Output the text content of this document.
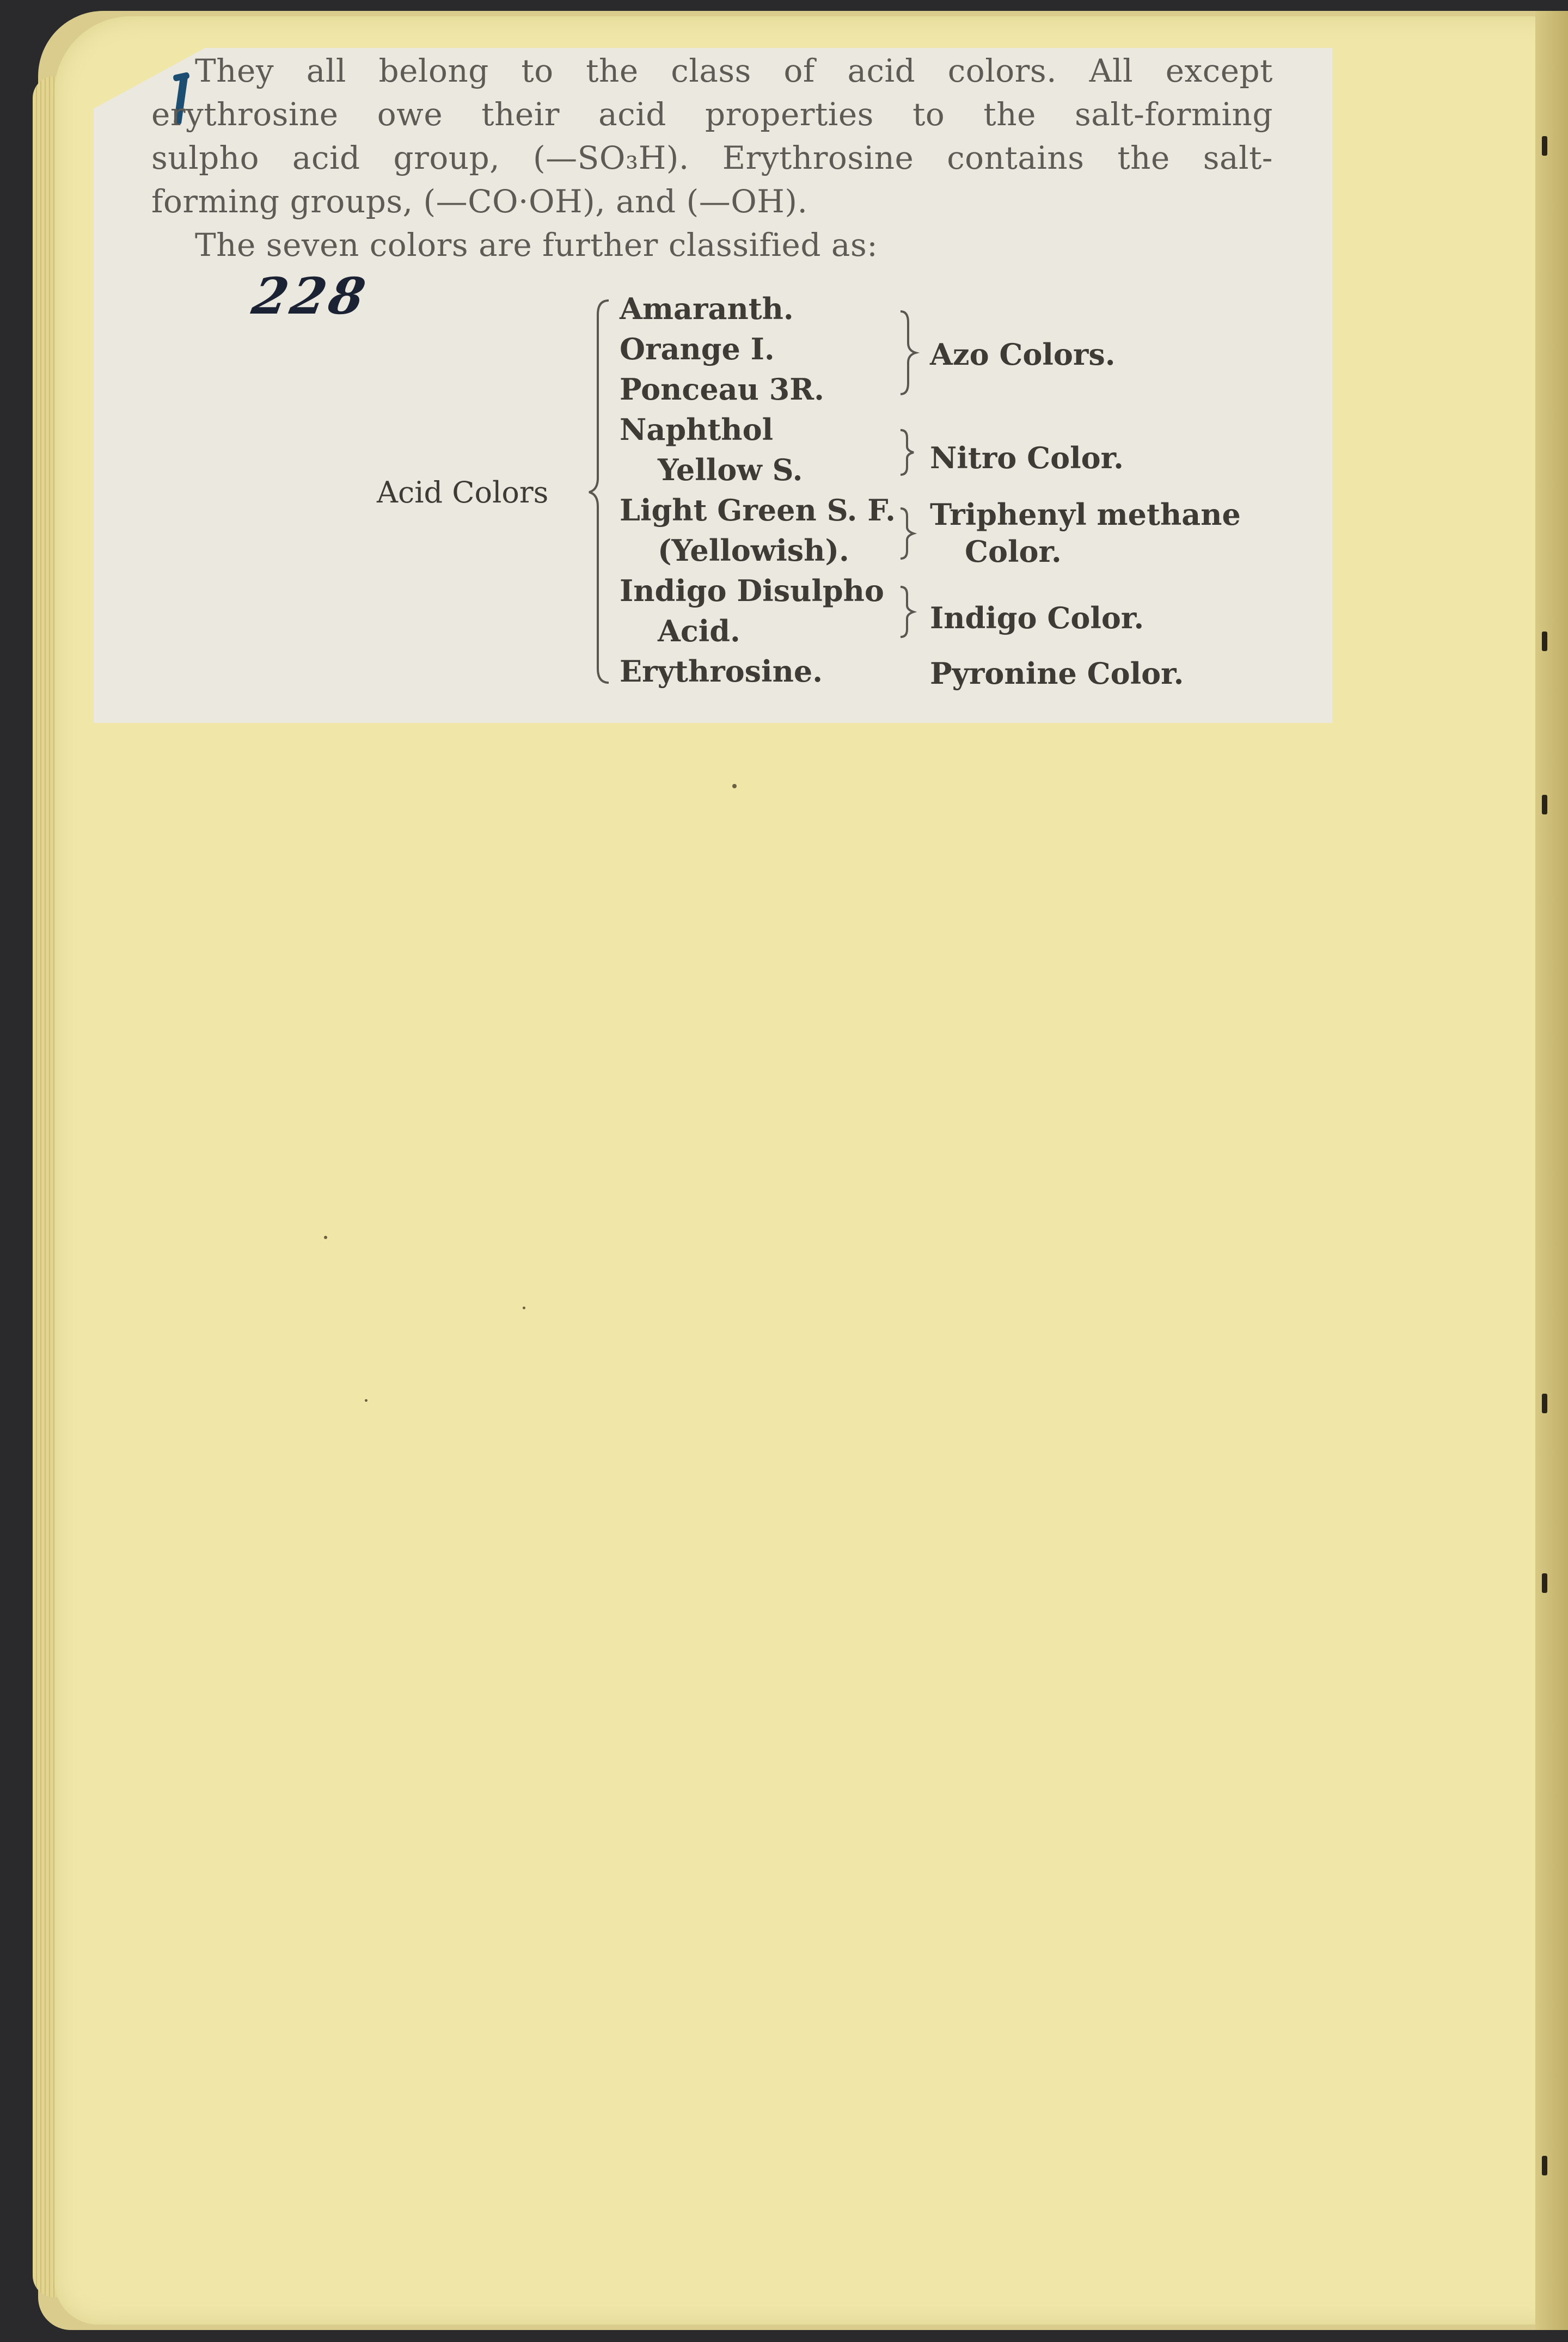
They all belong to the class of acid colors. All except
erythrosine owe their acid properties to the salt-forming
sulpho acid group, (—SO₃H). Erythrosine contains the salt-
forming groups, (—CO·OH), and (—OH).

The seven colors are further classified as:

228
Acid Colors
Amaranth.
Orange I.
Ponceau 3R.
Naphthol
Yellow S.
Light Green S. F.
(Yellowish).
Indigo Disulpho
Acid.
Erythrosine.
Azo Colors.
Nitro Color.
Triphenyl methane
Color.
Indigo Color.
Pyronine Color.
